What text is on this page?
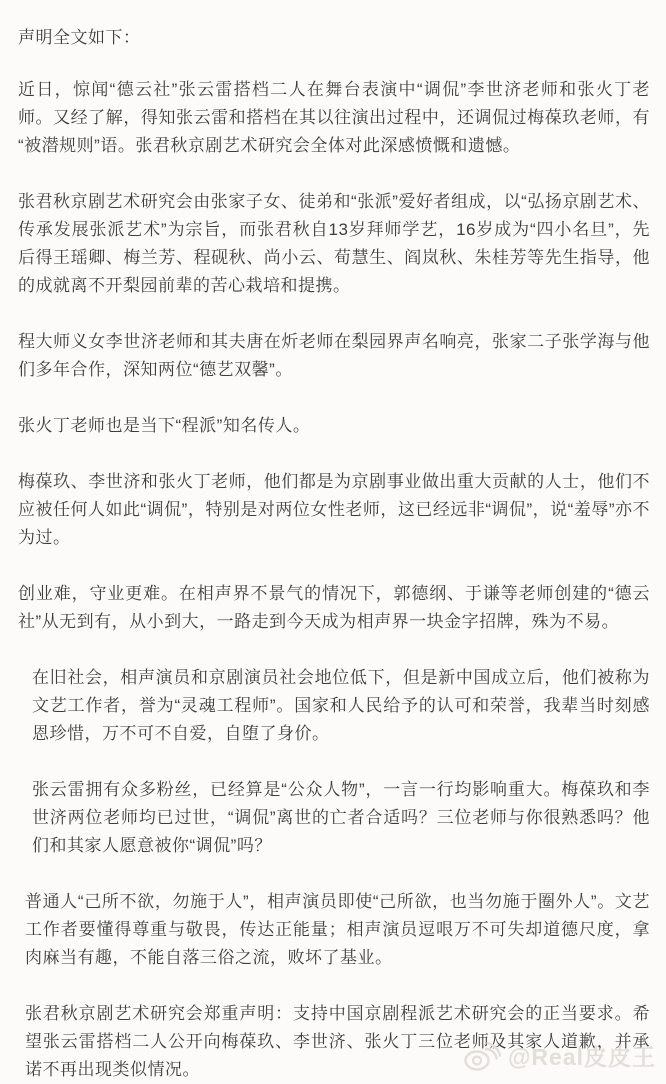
声明全文如下：

近日，惊闻“德云社”张云雷搭档二人在舞台表演中“调侃”李世济老师和张火丁老师。又经了解，得知张云雷和搭档在其以往演出过程中，还调侃过梅葆玖老师，有“被潜规则”语。张君秋京剧艺术研究会全体对此深感愤慨和遗憾。

张君秋京剧艺术研究会由张家子女、徒弟和“张派”爱好者组成，以“弘扬京剧艺术、传承发展张派艺术”为宗旨，而张君秋自13岁拜师学艺，16岁成为“四小名旦”，先后得王瑶卿、梅兰芳、程砚秋、尚小云、荀慧生、阎岚秋、朱桂芳等先生指导，他的成就离不开梨园前辈的苦心栽培和提携。

程大师义女李世济老师和其夫唐在炘老师在梨园界声名响亮，张家二子张学海与他们多年合作，深知两位“德艺双馨”。

张火丁老师也是当下“程派”知名传人。

梅葆玖、李世济和张火丁老师，他们都是为京剧事业做出重大贡献的人士，他们不应被任何人如此“调侃”，特别是对两位女性老师，这已经远非“调侃”，说“羞辱”亦不为过。

创业难，守业更难。在相声界不景气的情况下，郭德纲、于谦等老师创建的“德云社”从无到有，从小到大，一路走到今天成为相声界一块金字招牌，殊为不易。

在旧社会，相声演员和京剧演员社会地位低下，但是新中国成立后，他们被称为文艺工作者，誉为“灵魂工程师”。国家和人民给予的认可和荣誉，我辈当时刻感恩珍惜，万不可不自爱，自堕了身价。

张云雷拥有众多粉丝，已经算是“公众人物”，一言一行均影响重大。梅葆玖和李世济两位老师均已过世，“调侃”离世的亡者合适吗？三位老师与你很熟悉吗？他们和其家人愿意被你“调侃”吗？

普通人“己所不欲，勿施于人”，相声演员即使“己所欲，也当勿施于圈外人”。文艺工作者要懂得尊重与敬畏，传达正能量；相声演员逗哏万不可失却道德尺度，拿肉麻当有趣，不能自落三俗之流，败坏了基业。

张君秋京剧艺术研究会郑重声明：支持中国京剧程派艺术研究会的正当要求。希望张云雷搭档二人公开向梅葆玖、李世济、张火丁三位老师及其家人道歉，并承诺不再出现类似情况。	@Real皮皮王
